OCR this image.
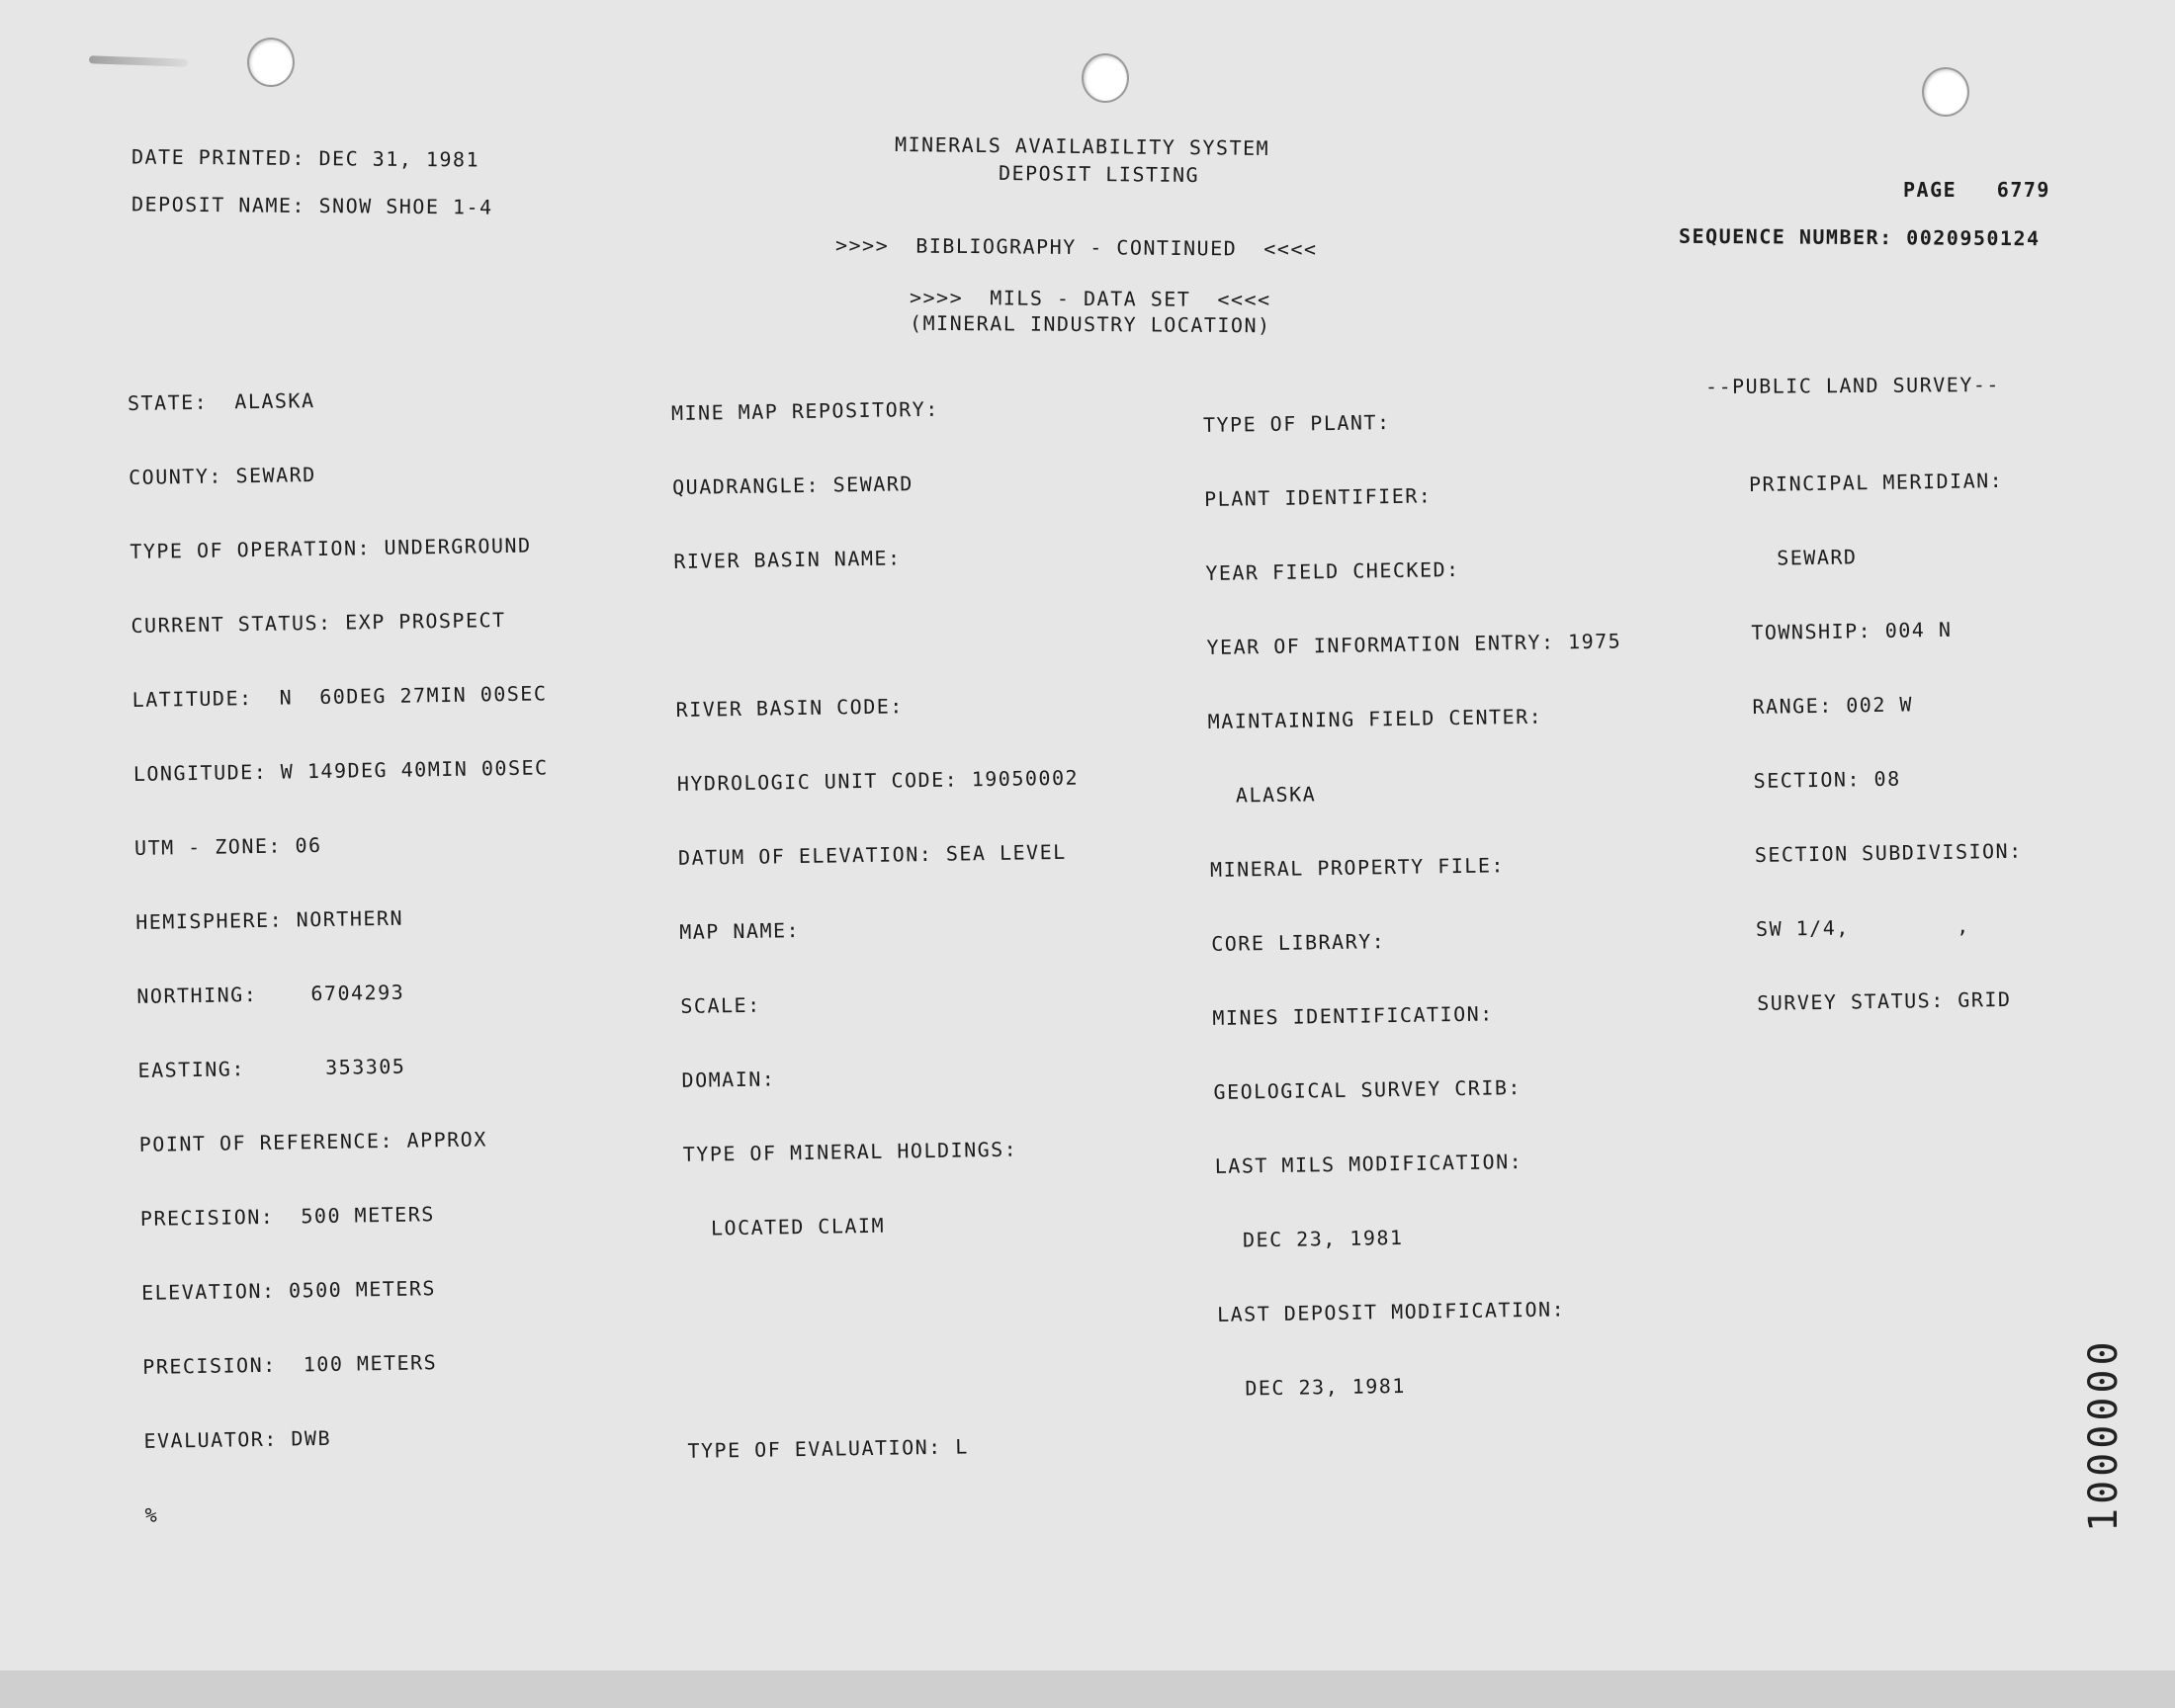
DATE PRINTED: DEC 31, 1981
DEPOSIT NAME: SNOW SHOE 1-4
MINERALS AVAILABILITY SYSTEM
DEPOSIT LISTING
PAGE   6779
SEQUENCE NUMBER: 0020950124
>>>>  BIBLIOGRAPHY - CONTINUED  <<<<
>>>>  MILS - DATA SET  <<<<
(MINERAL INDUSTRY LOCATION)

STATE:  ALASKA

COUNTY: SEWARD

TYPE OF OPERATION: UNDERGROUND

CURRENT STATUS: EXP PROSPECT

LATITUDE:  N  60DEG 27MIN 00SEC

LONGITUDE: W 149DEG 40MIN 00SEC

UTM - ZONE: 06

HEMISPHERE: NORTHERN

NORTHING:    6704293

EASTING:      353305

POINT OF REFERENCE: APPROX

PRECISION:  500 METERS

ELEVATION: 0500 METERS

PRECISION:  100 METERS

EVALUATOR: DWB

%

MINE MAP REPOSITORY:

QUADRANGLE: SEWARD

RIVER BASIN NAME:

RIVER BASIN CODE:

HYDROLOGIC UNIT CODE: 19050002

DATUM OF ELEVATION: SEA LEVEL

MAP NAME:

SCALE:

DOMAIN:

TYPE OF MINERAL HOLDINGS:

LOCATED CLAIM

TYPE OF EVALUATION: L

TYPE OF PLANT:

PLANT IDENTIFIER:

YEAR FIELD CHECKED:

YEAR OF INFORMATION ENTRY: 1975

MAINTAINING FIELD CENTER:

ALASKA

MINERAL PROPERTY FILE:

CORE LIBRARY:

MINES IDENTIFICATION:

GEOLOGICAL SURVEY CRIB:

LAST MILS MODIFICATION:

DEC 23, 1981

LAST DEPOSIT MODIFICATION:

DEC 23, 1981

--PUBLIC LAND SURVEY--

PRINCIPAL MERIDIAN:

SEWARD

TOWNSHIP: 004 N

RANGE: 002 W

SECTION: 08

SECTION SUBDIVISION:

SW 1/4,        ,

SURVEY STATUS: GRID

1000000
